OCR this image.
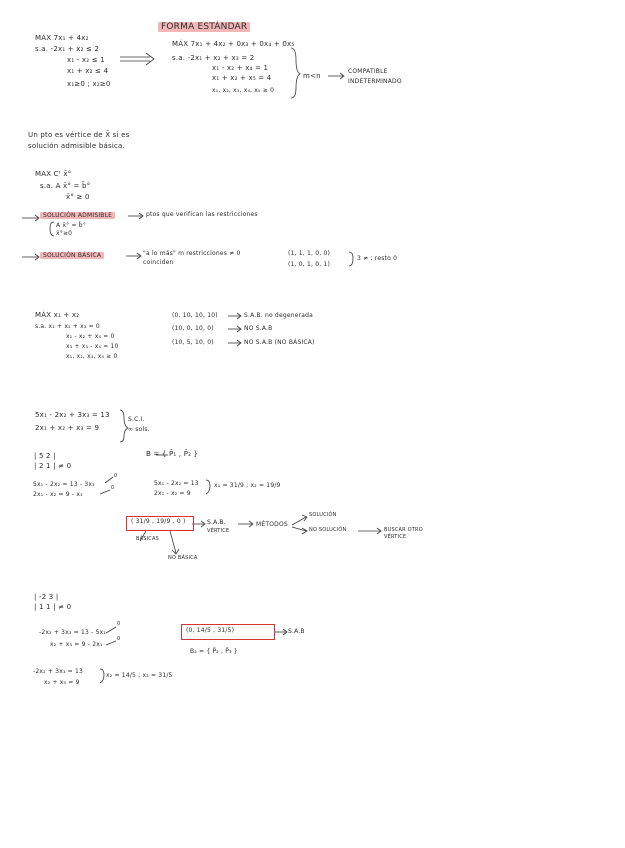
FORMA ESTÁNDAR
MÁX 7x₁ + 4x₂
s.a. -2x₁ + x₂ ≤ 2
x₁ - x₂ ≤ 1
x₁ + x₂ ≤ 4
x₁≥0 ; x₂≥0
MÁX 7x₁ + 4x₂ + 0x₃ + 0x₄ + 0x₅
s.a. -2x₁ + x₂ + x₃ = 2
x₁ - x₂ + x₄ = 1
x₁ + x₂ + x₅ = 4
x₁, x₂, x₃, x₄, x₅ ≥ 0
m<n
COMPATIBLE
INDETERMINADO
Un pto es vértice de X̄ si es
solución admisible básica.
MAX Cᵗ x̄°
s.a. A x̄° = b̄°
x̄° ≥ 0
SOLUCIÓN ADMISIBLE	ptos que verifican las restricciones
A x̄° = b̄°
x̄°≥0
SOLUCIÓN BÁSICA	"a lo más" m restricciones ≠ 0
coinciden
(1, 1, 1, 0, 0)
(1, 0, 1, 0, 1)
3 ≠ ; resto 0
MÁX x₁ + x₂
s.a. x₁ + x₂ + x₃ = 0
x₁ - x₂ + x₄ = 0
x₃ + x₃ - x₄ = 10
x₁, x₂, x₃, x₄ ≥ 0
(0, 10, 10, 10)	S.A.B. no degenerada
(10, 0, 10, 0)	NO S.A.B
(10, 5, 10, 0)	NO S.A.B (NO BÁSICA)
5x₁ - 2x₂ + 3x₃ = 13
2x₁ + x₂ + x₃ = 9
S.C.I.
∞ sols.
| 5 2 |
| 2 1 | ≠ 0
B = { P̄₁ , P̄₂ }
5x₁ - 2x₂ = 13 - 3x₃
2x₁ - x₂ = 9 - x₃
0
0
5x₁ - 2x₂ = 13
2x₁ - x₂ = 9
x₁ = 31/9 ; x₂ = 19/9
( 31/9 , 19/9 , 0 )	S.A.B.
VÉRTICE
BÁSICAS
NO BÁSICA
MÉTODOS
SOLUCIÓN
NO SOLUCIÓN	BUSCAR OTRO VÉRTICE
| -2 3 |
| 1 1 | ≠ 0
-2x₂ + 3x₃ = 13 - 5x₁
x₂ + x₃ = 9 - 2x₁
0
0
(0, 14/5 , 31/5)	S.A.B
B₂ = { P̄₂ , P̄₃ }
-2x₂ + 3x₃ = 13
x₂ + x₃ = 9
x₂ = 14/5 ; x₃ = 31/5
